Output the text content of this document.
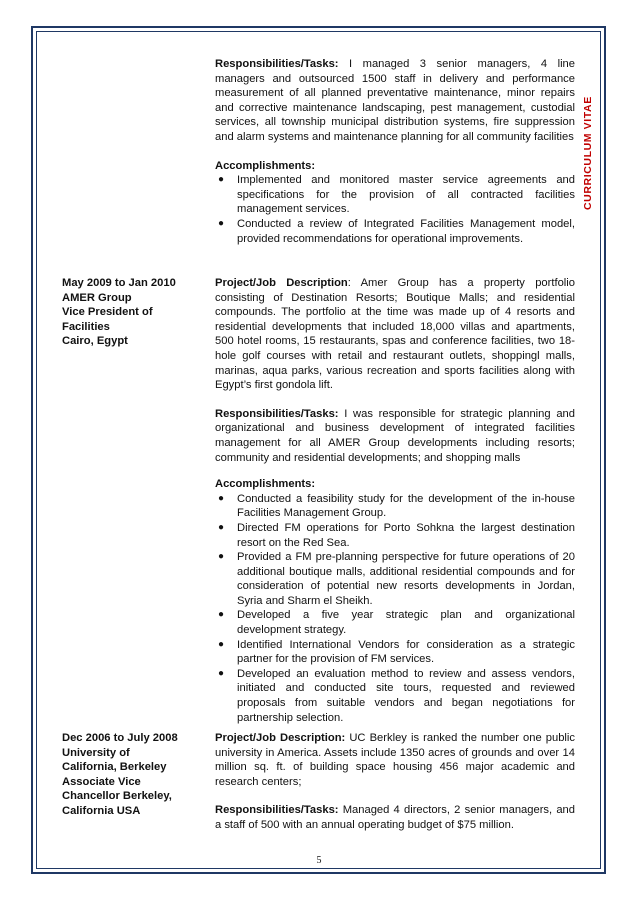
CURRICULUM VITAE

Responsibilities/Tasks: I managed 3 senior managers, 4 line managers and outsourced 1500 staff in delivery and performance measurement of all planned preventative maintenance, minor repairs and corrective maintenance landscaping, pest management, custodial services, all township municipal distribution systems, fire suppression and alarm systems and maintenance planning for all community facilities

Accomplishments:

● Implemented and monitored master service agreements and specifications for the provision of all contracted facilities management services.
● Conducted a review of Integrated Facilities Management model, provided recommendations for operational improvements.
May 2009 to Jan 2010
AMER Group
Vice President of Facilities
Cairo, Egypt

Project/Job Description: Amer Group has a property portfolio consisting of Destination Resorts; Boutique Malls; and residential compounds. The portfolio at the time was made up of 4 resorts and residential developments that included 18,000 villas and apartments, 500 hotel rooms, 15 restaurants, spas and conference facilities, two 18-hole golf courses with retail and restaurant outlets, shoppingl malls, marinas, aqua parks, various recreation and sports facilities along with Egypt’s first gondola lift.

Responsibilities/Tasks: I was responsible for strategic planning and organizational and business development of integrated facilities management for all AMER Group developments including resorts; community and residential developments; and shopping malls

Accomplishments:

● Conducted a feasibility study for the development of the in-house Facilities Management Group.
● Directed FM operations for Porto Sohkna the largest destination resort on the Red Sea.
● Provided a FM pre-planning perspective for future operations of 20 additional boutique malls, additional residential compounds and for consideration of potential new resorts developments in Jordan, Syria and Sharm el Sheikh.
● Developed a five year strategic plan and organizational development strategy.
● Identified International Vendors for consideration as a strategic partner for the provision of FM services.
● Developed an evaluation method to review and assess vendors, initiated and conducted site tours, requested and reviewed proposals from suitable vendors and began negotiations for partnership selection.
Dec 2006 to July 2008 University of California, Berkeley Associate Vice Chancellor Berkeley, California USA

Project/Job Description: UC Berkley is ranked the number one public university in America. Assets include 1350 acres of grounds and over 14 million sq. ft. of building space housing 456 major academic and research centers;

Responsibilities/Tasks: Managed 4 directors, 2 senior managers, and a staff of 500 with an annual operating budget of $75 million.

5
